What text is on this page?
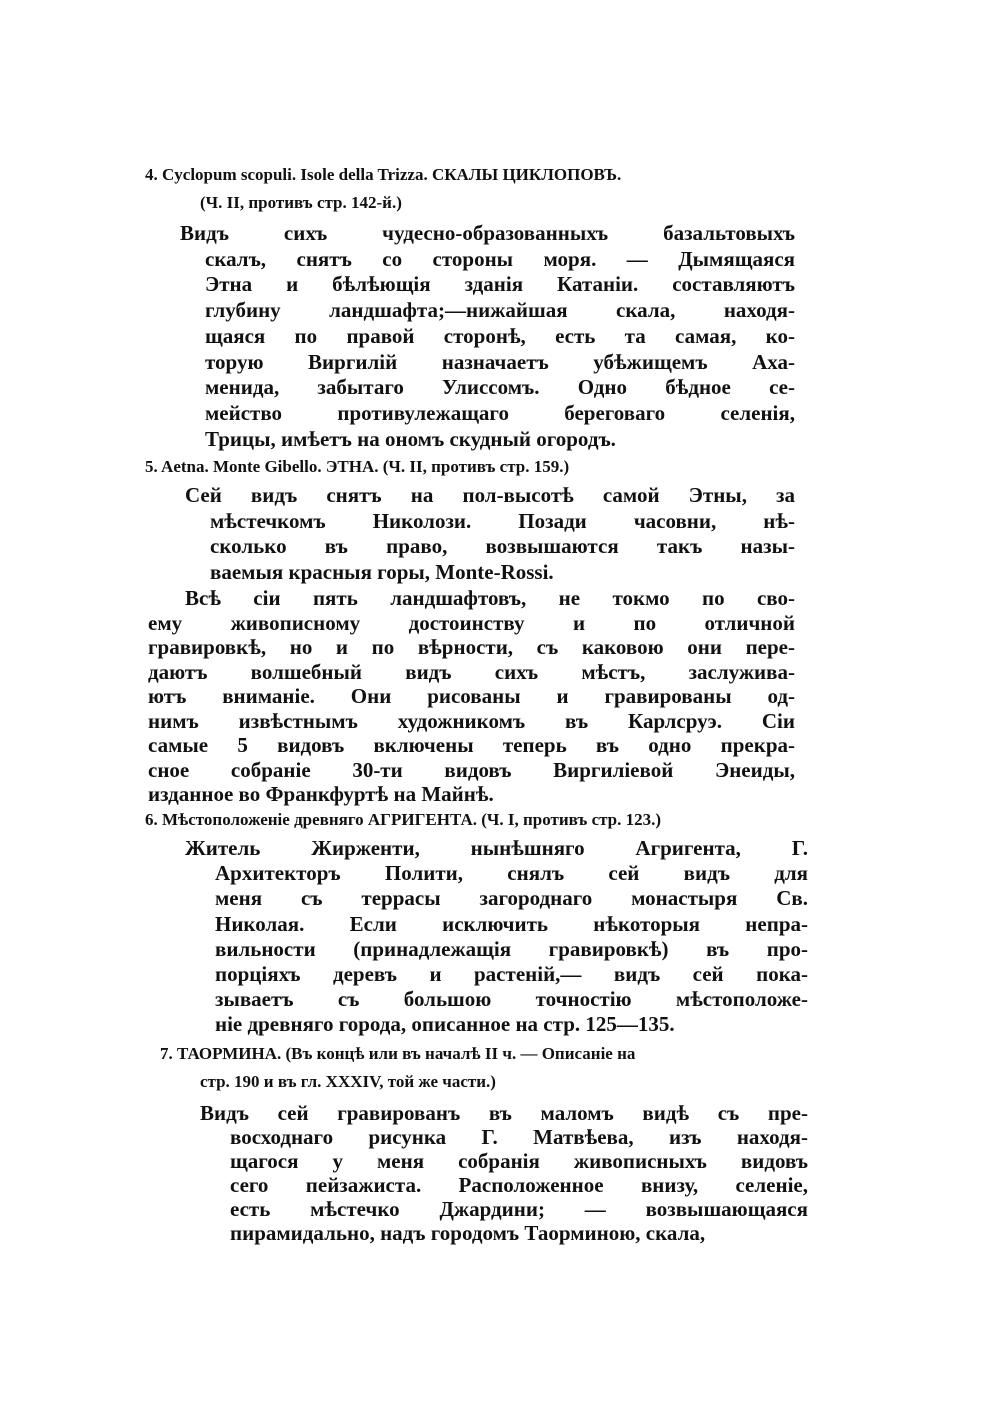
4. Cyclopum scopuli. Isole della Trizza. СКАЛЫ ЦИКЛОПОВЪ.
(Ч. II, противъ стр. 142-й.)
Видъ сихъ чудесно-образованныхъ базальтовыхъ
скалъ, снятъ со стороны моря. — Дымящаяся
Этна и бѣлѣющія зданія Катаніи. составляютъ
глубину ландшафта;—нижайшая скала, находя-
щаяся по правой сторонѣ, есть та самая, ко-
торую Виргилій назначаетъ убѣжищемъ Аха-
менида, забытаго Улиссомъ. Одно бѣдное се-
мейство противулежащаго береговаго селенія,
Трицы, имѣетъ на ономъ скудный огородъ.
5. Aetna. Monte Gibello. ЭТНА. (Ч. II, противъ стр. 159.)
Сей видъ снятъ на пол-высотѣ самой Этны, за
мѣстечкомъ Николози. Позади часовни, нѣ-
сколько въ право, возвышаются такъ назы-
ваемыя красныя горы, Monte-Rossi.
Всѣ сіи пять ландшафтовъ, не токмо по сво-
ему живописному достоинству и по отличной
гравировкѣ, но и по вѣрности, съ каковою они пере-
даютъ волшебный видъ сихъ мѣстъ, заслужива-
ютъ вниманіе. Они рисованы и гравированы од-
нимъ извѣстнымъ художникомъ въ Карлсруэ. Сіи
самые 5 видовъ включены теперь въ одно прекра-
сное собраніе 30-ти видовъ Виргиліевой Энеиды,
изданное во Франкфуртѣ на Майнѣ.
6. Мѣстоположеніе древняго АГРИГЕНТА. (Ч. I, противъ стр. 123.)
Житель Жирженти, нынѣшняго Агригента, Г.
Архитекторъ Полити, снялъ сей видъ для
меня съ террасы загороднаго монастыря Св.
Николая. Если исключить нѣкоторыя непра-
вильности (принадлежащія гравировкѣ) въ про-
порціяхъ деревъ и растеній,— видъ сей пока-
зываетъ съ большою точностію мѣстоположе-
ніе древняго города, описанное на стр. 125—135.
7. ТАОРМИНА. (Въ концѣ или въ началѣ II ч. — Описаніе на
стр. 190 и въ гл. XXXIV, той же части.)
Видъ сей гравированъ въ маломъ видѣ съ пре-
восходнаго рисунка Г. Матвѣева, изъ находя-
щагося у меня собранія живописныхъ видовъ
сего пейзажиста. Расположенное внизу, селеніе,
есть мѣстечко Джардини; — возвышающаяся
пирамидально, надъ городомъ Таорминою, скала,
